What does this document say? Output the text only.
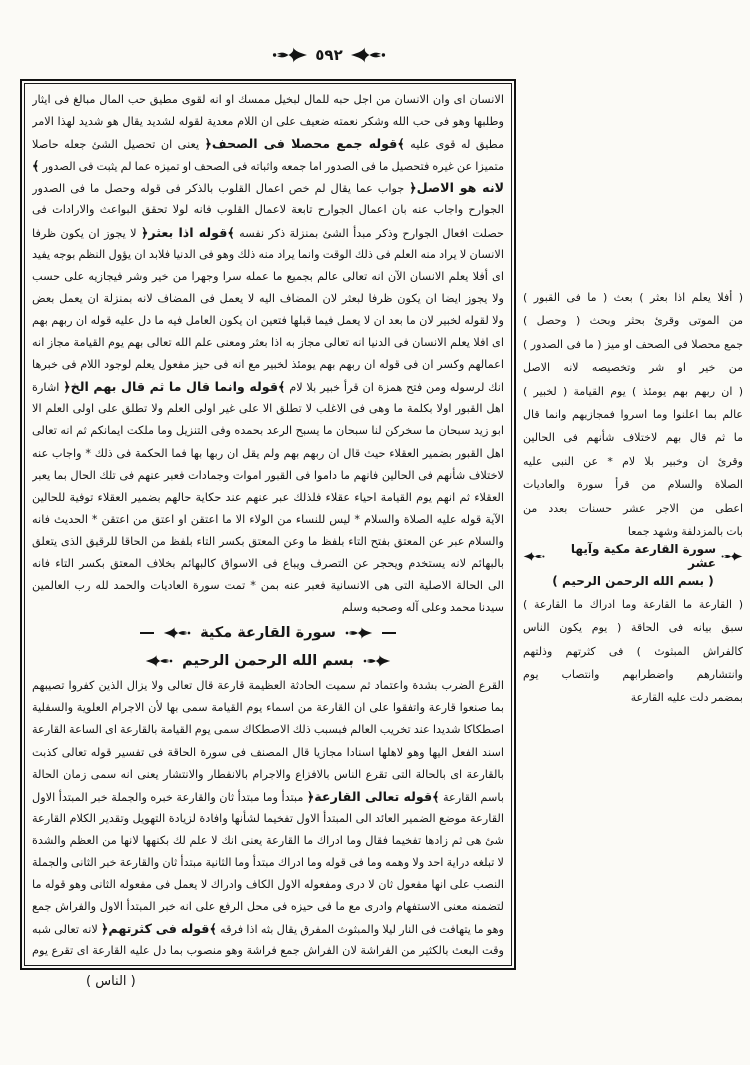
٥٩٢
الانسان اى وان الانسان من اجل حبه للمال لبخيل ممسك او انه لقوى مطيق حب المال مبالغ فى ايثار
وطلبها وهو فى حب الله وشكر نعمته ضعيف على ان اللام معدية لقوله لشديد يقال هو شديد لهذا الامر
مطيق له قوى عليه ﴾قوله جمع محصلا فى الصحف﴿ يعنى ان تحصيل الشئ جعله حاصلا
متميزا عن غيره فتحصيل ما فى الصدور اما جمعه واثباته فى الصحف او تميزه عما لم يثبت فى الصدور ﴾
لانه هو الاصل﴿ جواب عما يقال لم خص اعمال القلوب بالذكر فى قوله وحصل ما فى الصدور
الجوارح واجاب عنه بان اعمال الجوارح تابعة لاعمال القلوب فانه لولا تحقق البواعث والارادات فى
حصلت افعال الجوارح وذكر مبدأ الشئ بمنزلة ذكر نفسه ﴾قوله اذا بعثر﴿ لا يجوز ان يكون ظرفا
الانسان لا يراد منه العلم فى ذلك الوقت وانما يراد منه ذلك وهو فى الدنيا فلابد ان يؤول النظم بوجه يفيد
اى أفلا يعلم الانسان الآن انه تعالى عالم بجميع ما عمله سرا وجهرا من خير وشر فيجازيه على حسب
ولا يجوز ايضا ان يكون ظرفا لبعثر لان المضاف اليه لا يعمل فى المضاف لانه بمنزلة ان يعمل بعض
ولا لقوله لخبير لان ما بعد ان لا يعمل فيما قبلها فتعين ان يكون العامل فيه ما دل عليه قوله ان ربهم بهم
اى افلا يعلم الانسان فى الدنيا انه تعالى مجاز به اذا بعثر ومعنى علم الله تعالى بهم يوم القيامة مجاز انه
اعمالهم وكسر ان فى قوله ان ربهم بهم يومئذ لخبير مع انه فى حيز مفعول يعلم لوجود اللام فى خبرها
انك لرسوله ومن فتح همزة ان قرأ خبير بلا لام ﴾قوله وانما قال ما ثم قال بهم الخ﴿ اشارة
اهل القبور اولا بكلمة ما وهى فى الاغلب لا تطلق الا على غير اولى العلم ولا تطلق على اولى العلم الا
ابو زيد سبحان ما سخركن لنا سبحان ما يسبح الرعد بحمده وفى التنزيل وما ملكت ايمانكم ثم انه تعالى
اهل القبور بضمير العقلاء حيث قال ان ربهم بهم ولم يقل ان ربها بها فما الحكمة فى ذلك * واجاب عنه
لاختلاف شأنهم فى الحالين فانهم ما داموا فى القبور اموات وجمادات فعبر عنهم فى تلك الحال بما يعبر
العقلاء ثم انهم يوم القيامة احياء عقلاء فلذلك عبر عنهم عند حكاية حالهم بضمير العقلاء توفية للحالين
الآية قوله عليه الصلاة والسلام * ليس للنساء من الولاء الا ما اعتقن او اعتق من اعتقن * الحديث فانه
والسلام عبر عن المعتق بفتح التاء بلفظ ما وعن المعتق بكسر التاء بلفظ من الحاقا للرقيق الذى يتعلق
بالبهائم لانه يستخدم ويحجر عن التصرف ويباع فى الاسواق كالبهائم بخلاف المعتق بكسر التاء فانه
الى الحالة الاصلية التى هى الانسانية فعبر عنه بمن * تمت سورة العاديات والحمد لله رب العالمين
سيدنا محمد وعلى آله وصحبه وسلم
سورة القارعة مكية
بسم الله الرحمن الرحيم
القرع الضرب بشدة واعتماد ثم سميت الحادثة العظيمة قارعة قال تعالى ولا يزال الذين كفروا تصيبهم
بما صنعوا قارعة واتفقوا على ان القارعة من اسماء يوم القيامة سمى بها لأن الاجرام العلوية والسفلية
اصطكاكا شديدا عند تخريب العالم فبسبب ذلك الاصطكاك سمى يوم القيامة بالقارعة اى الساعة القارعة
اسند الفعل اليها وهو لاهلها اسنادا مجازيا قال المصنف فى سورة الحاقة فى تفسير قوله تعالى كذبت
بالقارعة اى بالحالة التى تقرع الناس بالافزاع والاجرام بالانفطار والانتشار يعنى انه سمى زمان الحالة
باسم القارعة ﴾قوله تعالى القارعة﴿ مبتدأ وما مبتدأ ثان والقارعة خبره والجملة خبر المبتدأ الاول
القارعة موضع الضمير العائد الى المبتدأ الاول تفخيما لشأنها وافادة لزيادة التهويل وتقدير الكلام القارعة
شئ هى ثم زادها تفخيما فقال وما ادراك ما القارعة يعنى انك لا علم لك بكنهها لانها من العظم والشدة
لا تبلغه دراية احد ولا وهمه وما فى قوله وما ادراك مبتدأ وما الثانية مبتدأ ثان والقارعة خبر الثانى والجملة
النصب على انها مفعول ثان لا درى ومفعوله الاول الكاف وادراك لا يعمل فى مفعوله الثانى وهو قوله ما
لتضمنه معنى الاستفهام وادرى مع ما فى حيزه فى محل الرفع على انه خبر المبتدأ الاول والفراش جمع
وهو ما يتهافت فى النار ليلا والمبثوث المفرق يقال بثه اذا فرقه ﴾قوله فى كثرتهم﴿ لانه تعالى شبه
وقت البعث بالكثير من الفراشة لان الفراش جمع فراشة وهو منصوب بما دل عليه القارعة اى تقرع يوم
( أفلا يعلم اذا بعثر ) بعث ( ما فى القبور )
من الموتى وقرئ بحثر وبحث ( وحصل )
جمع محصلا فى الصحف او ميز ( ما فى الصدور )
من خير او شر وتخصيصه لانه الاصل
( ان ربهم بهم يومئذ ) يوم القيامة ( لخبير )
عالم بما اعلنوا وما اسروا فمجازيهم وانما قال
ما ثم قال بهم لاختلاف شأنهم فى الحالين
وقرئ ان وخبير بلا لام * عن النبى عليه
الصلاة والسلام من قرأ سورة والعاديات
اعطى من الاجر عشر حسنات بعدد من
بات بالمزدلفة وشهد جمعا
سورة القارعة مكية وآيها عشر
( بسم الله الرحمن الرحيم )
( القارعة ما القارعة وما ادراك ما القارعة )
سبق بيانه فى الحاقة ( يوم يكون الناس
كالفراش المبثوث ) فى كثرتهم وذلتهم
وانتشارهم واضطرابهم وانتصاب يوم
بمضمر دلت عليه القارعة
( الناس )
